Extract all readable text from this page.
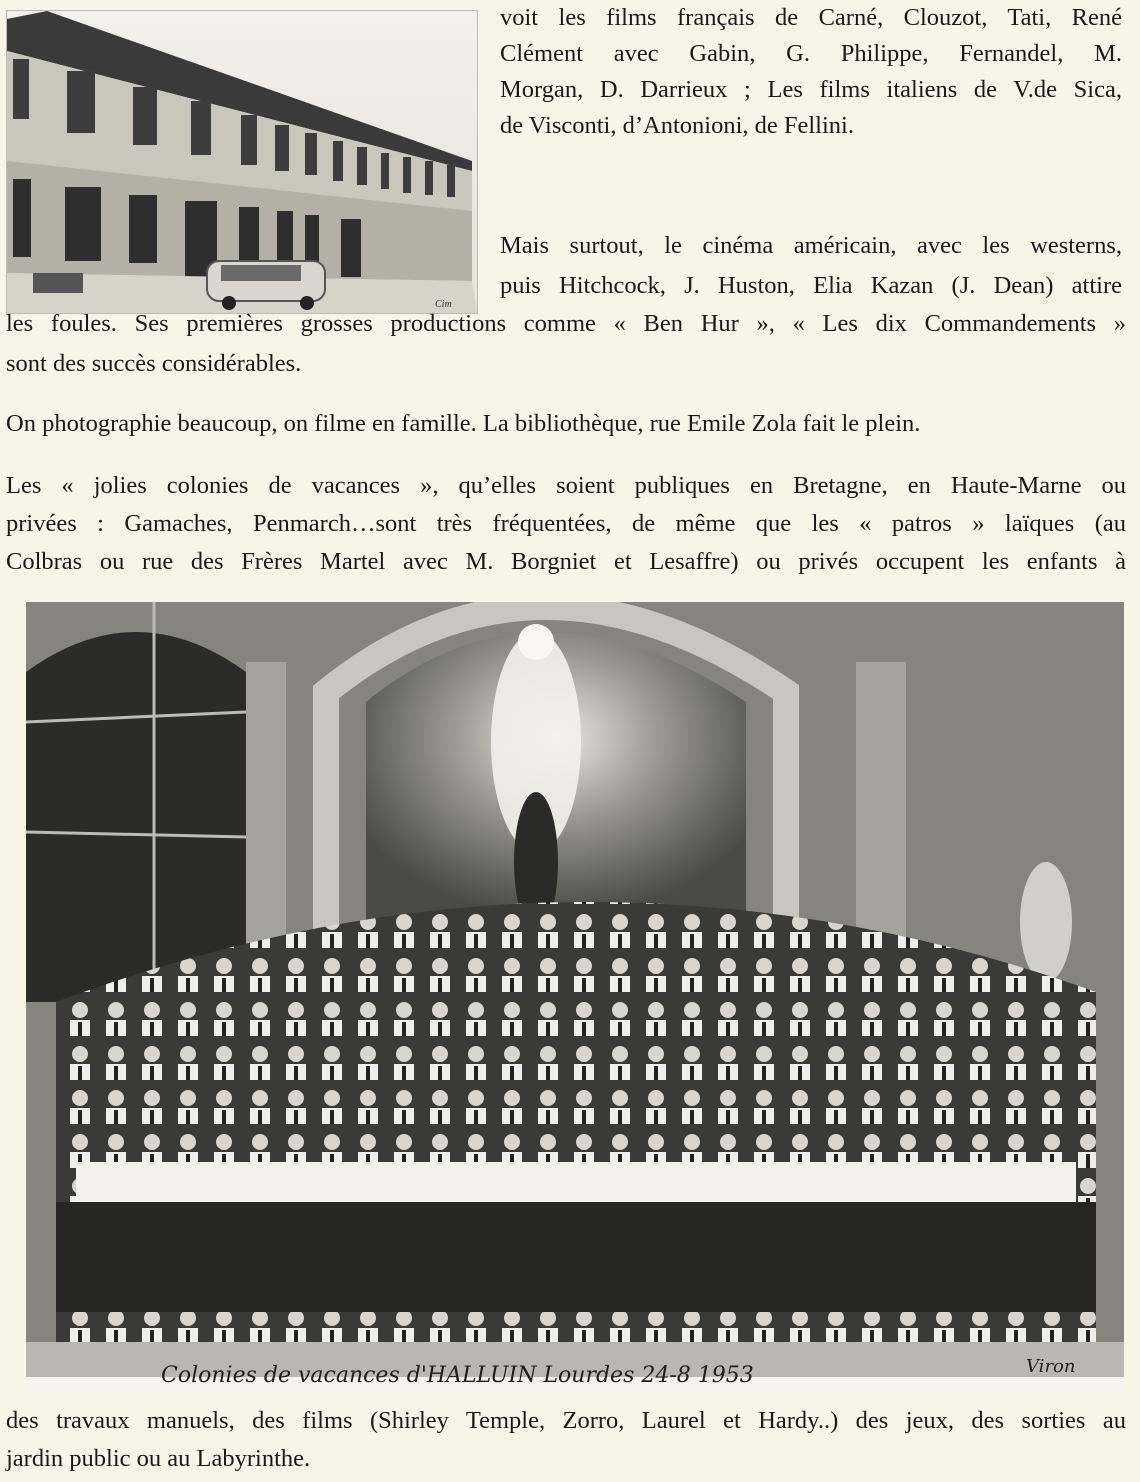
Cim

voit les films français de Carné, Clouzot, Tati, René

Clément avec Gabin, G. Philippe, Fernandel, M.

Morgan, D. Darrieux ; Les films italiens de V.de Sica,

de Visconti, d’Antonioni, de Fellini.

Mais surtout, le cinéma américain, avec les westerns,

puis Hitchcock, J. Huston, Elia Kazan (J. Dean) attire

les foules. Ses premières grosses productions comme « Ben Hur », « Les dix Commandements »

sont des succès considérables.

On photographie beaucoup, on filme en famille. La bibliothèque, rue Emile Zola fait le plein.

Les « jolies colonies de vacances », qu’elles soient publiques en Bretagne, en Haute-Marne ou

privées : Gamaches, Penmarch…sont très fréquentées, de même que les « patros » laïques (au

Colbras ou rue des Frères Martel avec M. Borgniet et Lesaffre) ou privés occupent les enfants à

Colonies de vacances d'HALLUIN Lourdes 24-8 1953	Viron

des travaux manuels, des films (Shirley Temple, Zorro, Laurel et Hardy..) des jeux, des sorties au

jardin public ou au Labyrinthe.
